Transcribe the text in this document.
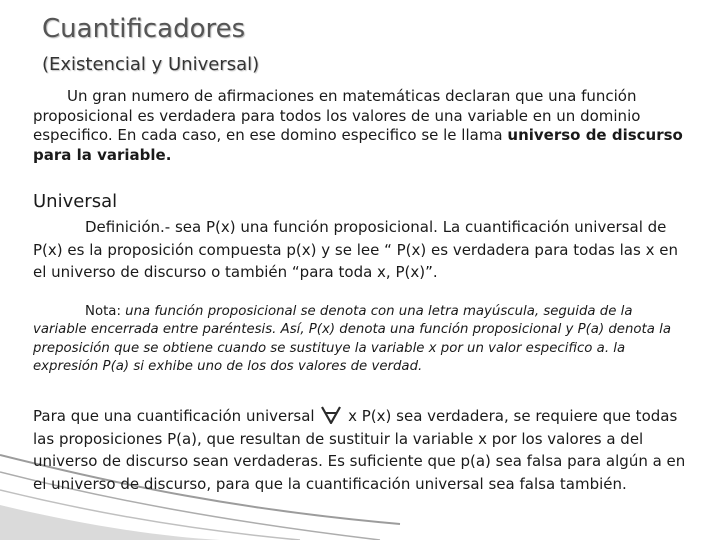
Cuantificadores
(Existencial y Universal)

Un gran numero de afirmaciones en matemáticas declaran que una función proposicional es verdadera para todos los valores de una variable en un dominio especifico. En cada caso, en ese domino especifico se le llama universo de discurso para la variable.

Universal

Definición.- sea P(x) una función proposicional. La cuantificación universal de P(x) es la proposición compuesta p(x) y se lee “ P(x) es verdadera para todas las x en el universo de discurso o también “para toda x, P(x)”.

Nota: una función proposicional se denota con una letra mayúscula, seguida de la variable encerrada entre paréntesis. Así, P(x) denota una función proposicional y P(a) denota la preposición que se obtiene cuando se sustituye la variable x por un valor especifico a. la expresión P(a) si exhibe uno de los dos valores de verdad.

Para que una cuantificación universal  x P(x) sea verdadera, se requiere que todas las proposiciones P(a), que resultan de sustituir la variable x por los valores a del universo de discurso sean verdaderas. Es suficiente que p(a) sea falsa para algún a en el universo de discurso, para que la cuantificación universal sea falsa también.
